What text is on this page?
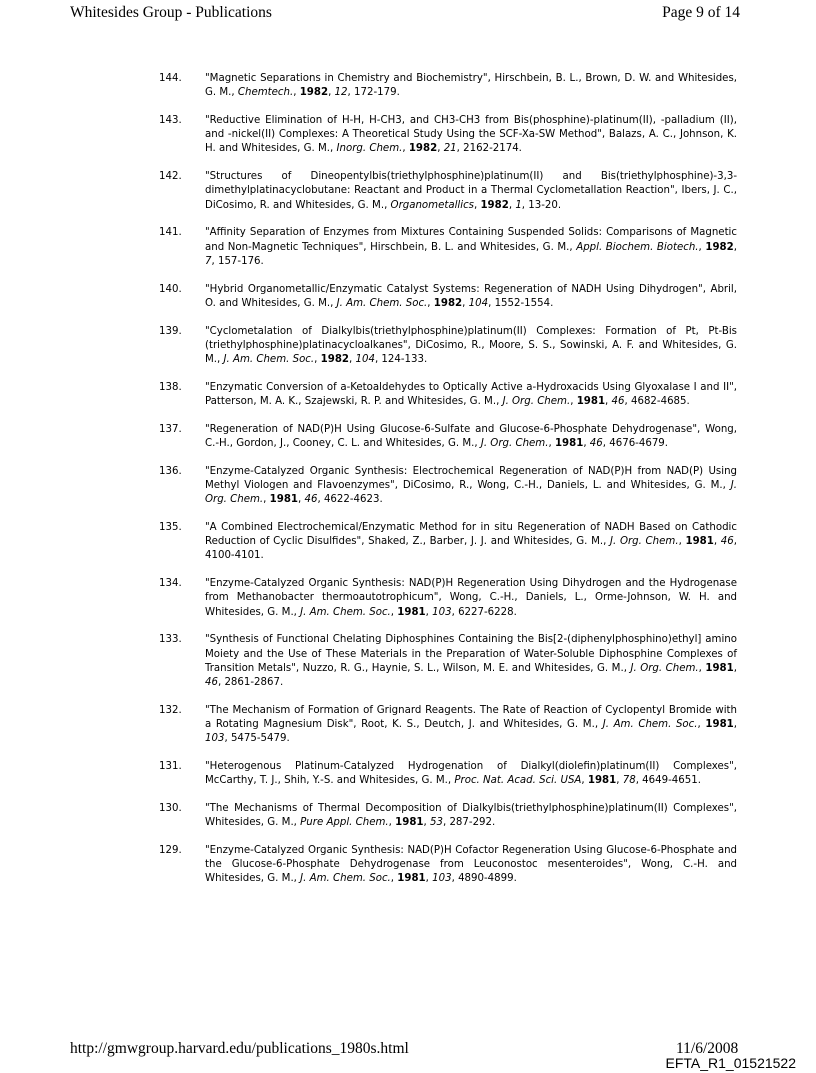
Whitesides Group - Publications	Page 9 of 14
144.	"Magnetic Separations in Chemistry and Biochemistry", Hirschbein, B. L., Brown, D. W. and Whitesides, G. M., Chemtech., 1982, 12, 172-179.
143.	"Reductive Elimination of H-H, H-CH3, and CH3-CH3 from Bis(phosphine)-platinum(II), -palladium (II), and -nickel(II) Complexes: A Theoretical Study Using the SCF-Xa-SW Method", Balazs, A. C., Johnson, K. H. and Whitesides, G. M., Inorg. Chem., 1982, 21, 2162-2174.
142.	"Structures of Dineopentylbis(triethylphosphine)platinum(II) and Bis(triethylphosphine)-3,3-dimethylplatinacyclobutane: Reactant and Product in a Thermal Cyclometallation Reaction", Ibers, J. C., DiCosimo, R. and Whitesides, G. M., Organometallics, 1982, 1, 13-20.
141.	"Affinity Separation of Enzymes from Mixtures Containing Suspended Solids: Comparisons of Magnetic and Non-Magnetic Techniques", Hirschbein, B. L. and Whitesides, G. M., Appl. Biochem. Biotech., 1982, 7, 157-176.
140.	"Hybrid Organometallic/Enzymatic Catalyst Systems: Regeneration of NADH Using Dihydrogen", Abril, O. and Whitesides, G. M., J. Am. Chem. Soc., 1982, 104, 1552-1554.
139.	"Cyclometalation of Dialkylbis(triethylphosphine)platinum(II) Complexes: Formation of Pt, Pt-Bis (triethylphosphine)platinacycloalkanes", DiCosimo, R., Moore, S. S., Sowinski, A. F. and Whitesides, G. M., J. Am. Chem. Soc., 1982, 104, 124-133.
138.	"Enzymatic Conversion of a-Ketoaldehydes to Optically Active a-Hydroxacids Using Glyoxalase I and II", Patterson, M. A. K., Szajewski, R. P. and Whitesides, G. M., J. Org. Chem., 1981, 46, 4682-4685.
137.	"Regeneration of NAD(P)H Using Glucose-6-Sulfate and Glucose-6-Phosphate Dehydrogenase", Wong, C.-H., Gordon, J., Cooney, C. L. and Whitesides, G. M., J. Org. Chem., 1981, 46, 4676-4679.
136.	"Enzyme-Catalyzed Organic Synthesis: Electrochemical Regeneration of NAD(P)H from NAD(P) Using Methyl Viologen and Flavoenzymes", DiCosimo, R., Wong, C.-H., Daniels, L. and Whitesides, G. M., J. Org. Chem., 1981, 46, 4622-4623.
135.	"A Combined Electrochemical/Enzymatic Method for in situ Regeneration of NADH Based on Cathodic Reduction of Cyclic Disulfides", Shaked, Z., Barber, J. J. and Whitesides, G. M., J. Org. Chem., 1981, 46, 4100-4101.
134.	"Enzyme-Catalyzed Organic Synthesis: NAD(P)H Regeneration Using Dihydrogen and the Hydrogenase from Methanobacter thermoautotrophicum", Wong, C.-H., Daniels, L., Orme-Johnson, W. H. and Whitesides, G. M., J. Am. Chem. Soc., 1981, 103, 6227-6228.
133.	"Synthesis of Functional Chelating Diphosphines Containing the Bis[2-(diphenylphosphino)ethyl] amino Moiety and the Use of These Materials in the Preparation of Water-Soluble Diphosphine Complexes of Transition Metals", Nuzzo, R. G., Haynie, S. L., Wilson, M. E. and Whitesides, G. M., J. Org. Chem., 1981, 46, 2861-2867.
132.	"The Mechanism of Formation of Grignard Reagents. The Rate of Reaction of Cyclopentyl Bromide with a Rotating Magnesium Disk", Root, K. S., Deutch, J. and Whitesides, G. M., J. Am. Chem. Soc., 1981, 103, 5475-5479.
131.	"Heterogenous Platinum-Catalyzed Hydrogenation of Dialkyl(diolefin)platinum(II) Complexes", McCarthy, T. J., Shih, Y.-S. and Whitesides, G. M., Proc. Nat. Acad. Sci. USA, 1981, 78, 4649-4651.
130.	"The Mechanisms of Thermal Decomposition of Dialkylbis(triethylphosphine)platinum(II) Complexes", Whitesides, G. M., Pure Appl. Chem., 1981, 53, 287-292.
129.	"Enzyme-Catalyzed Organic Synthesis: NAD(P)H Cofactor Regeneration Using Glucose-6-Phosphate and the Glucose-6-Phosphate Dehydrogenase from Leuconostoc mesenteroides", Wong, C.-H. and Whitesides, G. M., J. Am. Chem. Soc., 1981, 103, 4890-4899.
http://gmwgroup.harvard.edu/publications_1980s.html	11/6/2008
EFTA_R1_01521522
